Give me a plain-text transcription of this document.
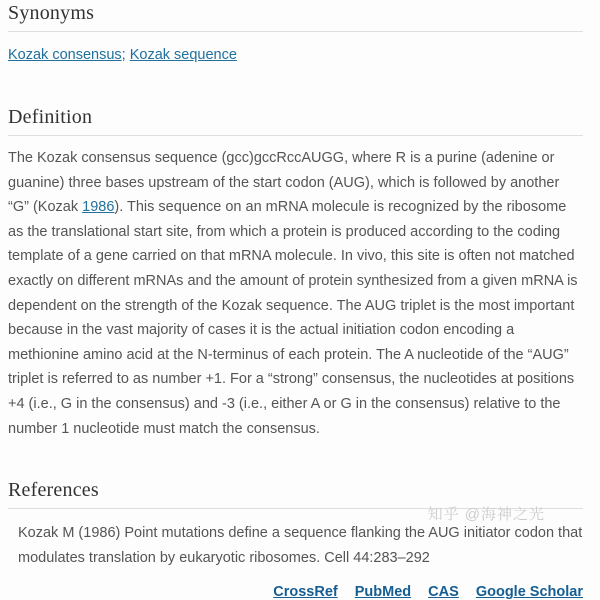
Synonyms

Kozak consensus; Kozak sequence

Definition

The Kozak consensus sequence (gcc)gccRccAUGG, where R is a purine (adenine or guanine) three bases upstream of the start codon (AUG), which is followed by another “G” (Kozak 1986). This sequence on an mRNA molecule is recognized by the ribosome as the translational start site, from which a protein is produced according to the coding template of a gene carried on that mRNA molecule. In vivo, this site is often not matched exactly on different mRNAs and the amount of protein synthesized from a given mRNA is dependent on the strength of the Kozak sequence. The AUG triplet is the most important because in the vast majority of cases it is the actual initiation codon encoding a methionine amino acid at the N-terminus of each protein. The A nucleotide of the “AUG” triplet is referred to as number +1. For a “strong” consensus, the nucleotides at positions +4 (i.e., G in the consensus) and -3 (i.e., either A or G in the consensus) relative to the number 1 nucleotide must match the consensus.

References

Kozak M (1986) Point mutations define a sequence flanking the AUG initiator codon that modulates translation by eukaryotic ribosomes. Cell 44:283–292

CrossRef PubMed CAS Google Scholar
知乎 @海神之光
